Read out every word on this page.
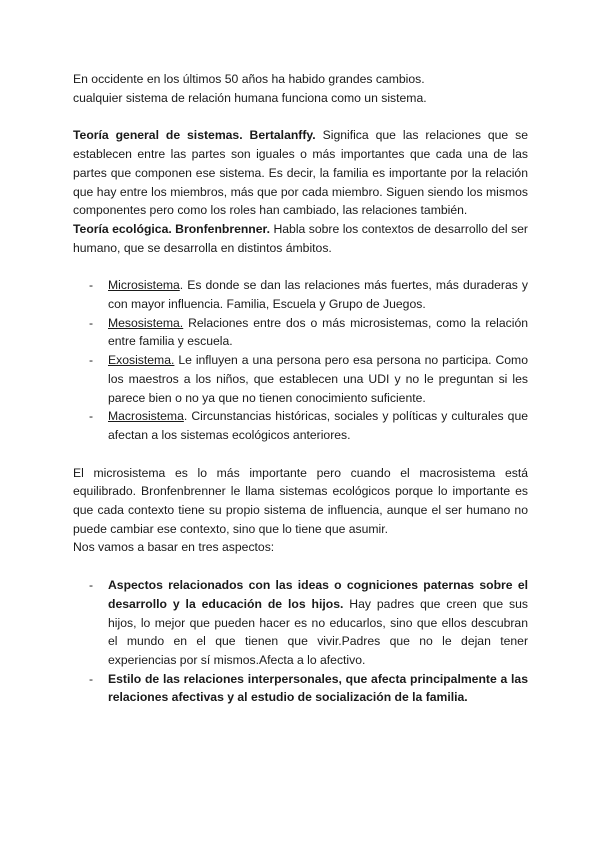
En occidente en los últimos 50 años ha habido grandes cambios.

cualquier sistema de relación humana funciona como un sistema.

Teoría general de sistemas. Bertalanffy. Significa que las relaciones que se establecen entre las partes son iguales o más importantes que cada una de las partes que componen ese sistema. Es decir, la familia es importante por la relación que hay entre los miembros, más que por cada miembro. Siguen siendo los mismos componentes pero como los roles han cambiado, las relaciones también.

Teoría ecológica. Bronfenbrenner. Habla sobre los contextos de desarrollo del ser humano, que se desarrolla en distintos ámbitos.

- Microsistema. Es donde se dan las relaciones más fuertes, más duraderas y con mayor influencia. Familia, Escuela y Grupo de Juegos.
- Mesosistema. Relaciones entre dos o más microsistemas, como la relación entre familia y escuela.
- Exosistema. Le influyen a una persona pero esa persona no participa. Como los maestros a los niños, que establecen una UDI y no le preguntan si les parece bien o no ya que no tienen conocimiento suficiente.
- Macrosistema. Circunstancias históricas, sociales y políticas y culturales que afectan a los sistemas ecológicos anteriores.

El microsistema es lo más importante pero cuando el macrosistema está equilibrado. Bronfenbrenner le llama sistemas ecológicos porque lo importante es que cada contexto tiene su propio sistema de influencia, aunque el ser humano no puede cambiar ese contexto, sino que lo tiene que asumir.

Nos vamos a basar en tres aspectos:

- Aspectos relacionados con las ideas o cogniciones paternas sobre el desarrollo y la educación de los hijos. Hay padres que creen que sus hijos, lo mejor que pueden hacer es no educarlos, sino que ellos descubran el mundo en el que tienen que vivir.Padres que no le dejan tener experiencias por sí mismos.Afecta a lo afectivo.
- Estilo de las relaciones interpersonales, que afecta principalmente a las relaciones afectivas y al estudio de socialización de la familia.
